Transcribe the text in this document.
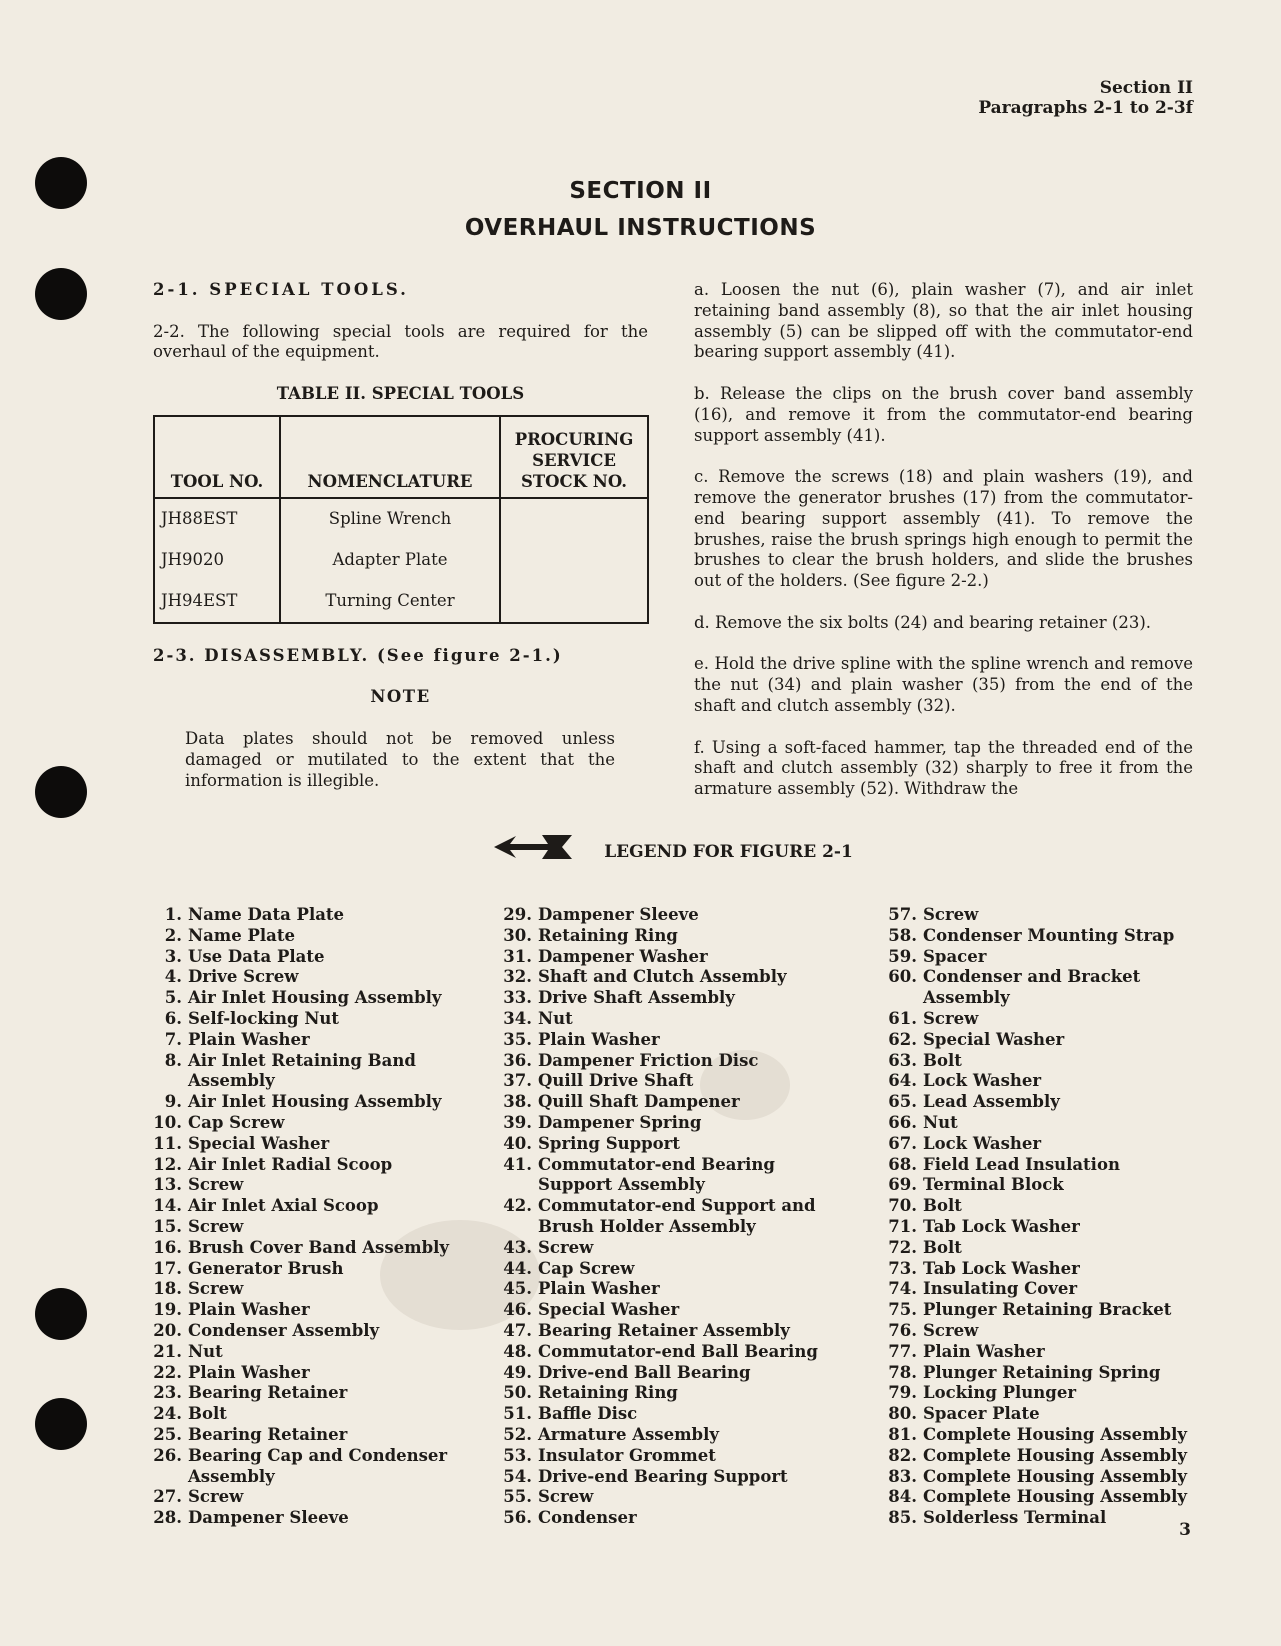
Section II
Paragraphs 2-1 to 2-3f
SECTION II
OVERHAUL INSTRUCTIONS

2-1. SPECIAL TOOLS.

2-2. The following special tools are required for the overhaul of the equipment.

TABLE II. SPECIAL TOOLS

TOOL NO.	NOMENCLATURE	PROCURING SERVICE STOCK NO.
JH88EST	Spline Wrench	
JH9020	Adapter Plate	
JH94EST	Turning Center	

2-3. DISASSEMBLY. (See figure 2-1.)

NOTE

Data plates should not be removed unless damaged or mutilated to the extent that the information is illegible.

a. Loosen the nut (6), plain washer (7), and air inlet retaining band assembly (8), so that the air inlet housing assembly (5) can be slipped off with the commutator-end bearing support assembly (41).

b. Release the clips on the brush cover band assembly (16), and remove it from the commutator-end bearing support assembly (41).

c. Remove the screws (18) and plain washers (19), and remove the generator brushes (17) from the commutator-end bearing support assembly (41). To remove the brushes, raise the brush springs high enough to permit the brushes to clear the brush holders, and slide the brushes out of the holders. (See figure 2-2.)

d. Remove the six bolts (24) and bearing retainer (23).

e. Hold the drive spline with the spline wrench and remove the nut (34) and plain washer (35) from the end of the shaft and clutch assembly (32).

f. Using a soft-faced hammer, tap the threaded end of the shaft and clutch assembly (32) sharply to free it from the armature assembly (52). Withdraw the

LEGEND FOR FIGURE 2-1
1. Name Data Plate
2. Name Plate
3. Use Data Plate
4. Drive Screw
5. Air Inlet Housing Assembly
6. Self-locking Nut
7. Plain Washer
8. Air Inlet Retaining Band
Assembly
9. Air Inlet Housing Assembly
10. Cap Screw
11. Special Washer
12. Air Inlet Radial Scoop
13. Screw
14. Air Inlet Axial Scoop
15. Screw
16. Brush Cover Band Assembly
17. Generator Brush
18. Screw
19. Plain Washer
20. Condenser Assembly
21. Nut
22. Plain Washer
23. Bearing Retainer
24. Bolt
25. Bearing Retainer
26. Bearing Cap and Condenser
Assembly
27. Screw
28. Dampener Sleeve
29. Dampener Sleeve
30. Retaining Ring
31. Dampener Washer
32. Shaft and Clutch Assembly
33. Drive Shaft Assembly
34. Nut
35. Plain Washer
36. Dampener Friction Disc
37. Quill Drive Shaft
38. Quill Shaft Dampener
39. Dampener Spring
40. Spring Support
41. Commutator-end Bearing
Support Assembly
42. Commutator-end Support and
Brush Holder Assembly
43. Screw
44. Cap Screw
45. Plain Washer
46. Special Washer
47. Bearing Retainer Assembly
48. Commutator-end Ball Bearing
49. Drive-end Ball Bearing
50. Retaining Ring
51. Baffle Disc
52. Armature Assembly
53. Insulator Grommet
54. Drive-end Bearing Support
55. Screw
56. Condenser
57. Screw
58. Condenser Mounting Strap
59. Spacer
60. Condenser and Bracket
Assembly
61. Screw
62. Special Washer
63. Bolt
64. Lock Washer
65. Lead Assembly
66. Nut
67. Lock Washer
68. Field Lead Insulation
69. Terminal Block
70. Bolt
71. Tab Lock Washer
72. Bolt
73. Tab Lock Washer
74. Insulating Cover
75. Plunger Retaining Bracket
76. Screw
77. Plain Washer
78. Plunger Retaining Spring
79. Locking Plunger
80. Spacer Plate
81. Complete Housing Assembly
82. Complete Housing Assembly
83. Complete Housing Assembly
84. Complete Housing Assembly
85. Solderless Terminal
3
